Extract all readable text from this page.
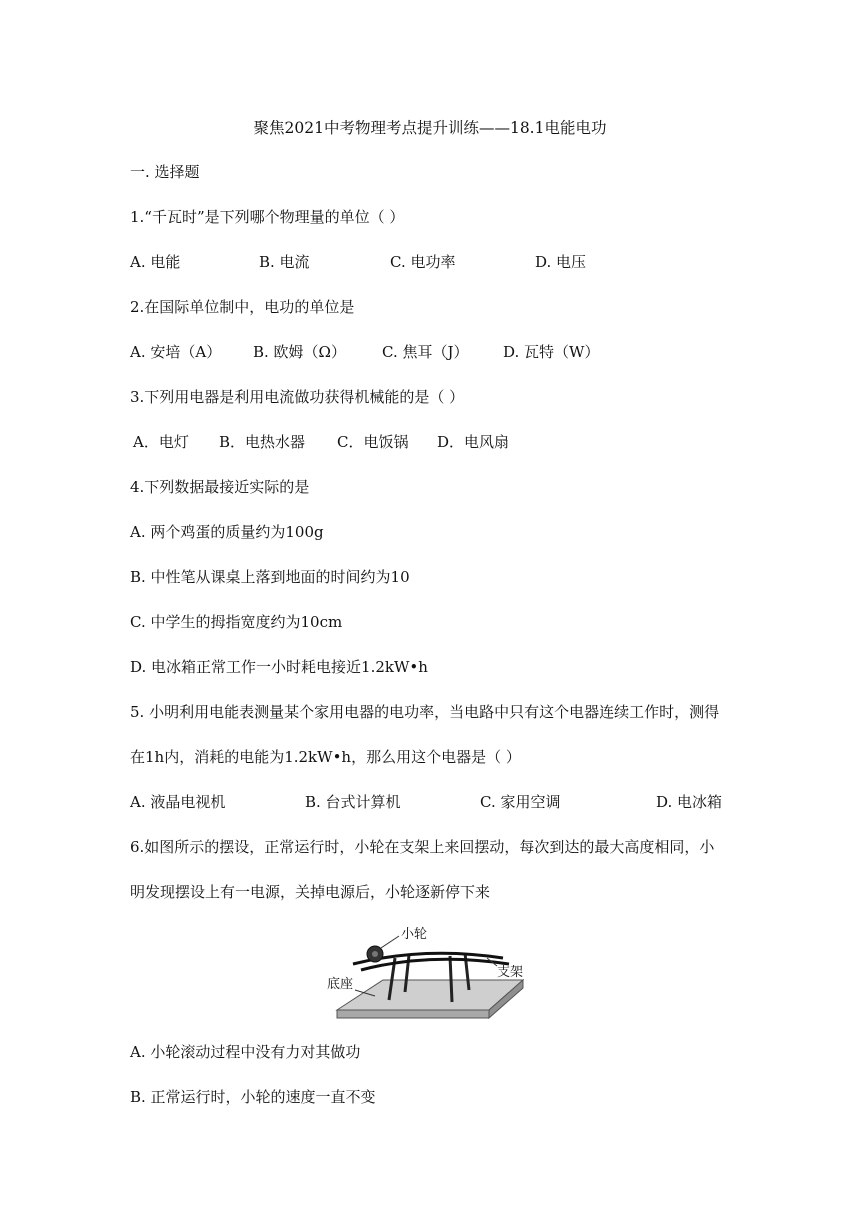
聚焦2021中考物理考点提升训练——18.1电能电功
一. 选择题
1.“千瓦时”是下列哪个物理量的单位（ ）
A. 电能	B. 电流	C. 电功率	D. 电压
2.在国际单位制中，电功的单位是
A. 安培（A） B. 欧姆（Ω） C. 焦耳（J） D. 瓦特（W）
3.下列用电器是利用电流做功获得机械能的是（ ）
A．电灯 B．电热水器 C．电饭锅 D．电风扇
4.下列数据最接近实际的是
A. 两个鸡蛋的质量约为100g
B. 中性笔从课桌上落到地面的时间约为10
C. 中学生的拇指宽度约为10cm
D. 电冰箱正常工作一小时耗电接近1.2kW•h
5. 小明利用电能表测量某个家用电器的电功率，当电路中只有这个电器连续工作时，测得
在1h内，消耗的电能为1.2kW•h，那么用这个电器是（ ）
A. 液晶电视机	B. 台式计算机	C. 家用空调	D. 电冰箱
6.如图所示的摆设，正常运行时，小轮在支架上来回摆动，每次到达的最大高度相同，小
明发现摆设上有一电源，关掉电源后，小轮逐新停下来
小轮
支架
底座
A. 小轮滚动过程中没有力对其做功
B. 正常运行时，小轮的速度一直不变
